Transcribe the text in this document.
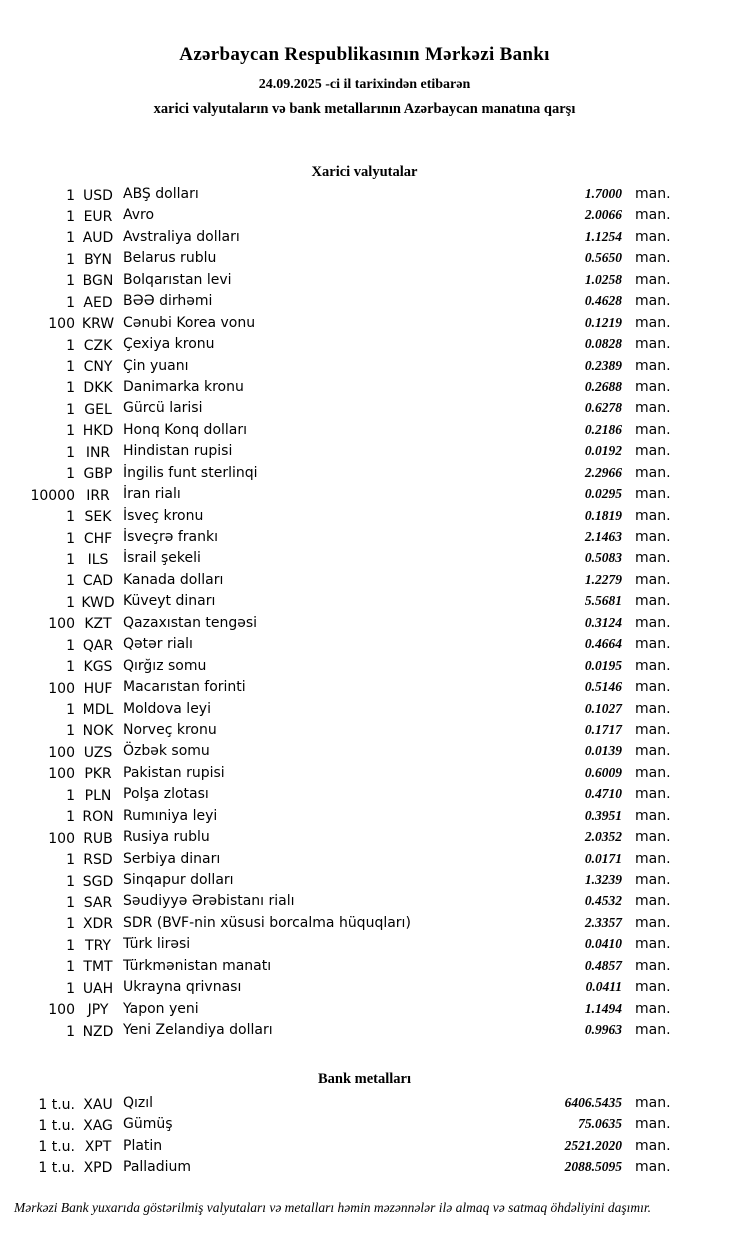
Azərbaycan Respublikasının Mərkəzi Bankı
24.09.2025 -ci il tarixindən etibarən
xarici valyutaların və bank metallarının Azərbaycan manatına qarşı
Xarici valyutalar
1 USD ABŞ dolları	1.7000 man.
1 EUR Avro	2.0066 man.
1 AUD Avstraliya dolları	1.1254 man.
1 BYN Belarus rublu	0.5650 man.
1 BGN Bolqarıstan levi	1.0258 man.
1 AED BƏƏ dirhəmi	0.4628 man.
100 KRW Cənubi Korea vonu	0.1219 man.
1 CZK Çexiya kronu	0.0828 man.
1 CNY Çin yuanı	0.2389 man.
1 DKK Danimarka kronu	0.2688 man.
1 GEL Gürcü larisi	0.6278 man.
1 HKD Honq Konq dolları	0.2186 man.
1 INR Hindistan rupisi	0.0192 man.
1 GBP İngilis funt sterlinqi	2.2966 man.
10000 IRR İran rialı	0.0295 man.
1 SEK İsveç kronu	0.1819 man.
1 CHF İsveçrə frankı	2.1463 man.
1 ILS	İsrail şekeli	0.5083 man.
1 CAD Kanada dolları	1.2279 man.
1 KWD Küveyt dinarı	5.5681 man.
100 KZT Qazaxıstan tengəsi	0.3124 man.
1 QAR Qətər rialı	0.4664 man.
1 KGS Qırğız somu	0.0195 man.
100 HUF Macarıstan forinti	0.5146 man.
1 MDL Moldova leyi	0.1027 man.
1 NOK Norveç kronu	0.1717 man.
100 UZS Özbək somu	0.0139 man.
100 PKR Pakistan rupisi	0.6009 man.
1 PLN Polşa zlotası	0.4710 man.
1 RON Rumıniya leyi	0.3951 man.
100 RUB Rusiya rublu	2.0352 man.
1 RSD Serbiya dinarı	0.0171 man.
1 SGD Sinqapur dolları	1.3239 man.
1 SAR Səudiyyə Ərəbistanı rialı	0.4532 man.
1 XDR SDR (BVF-nin xüsusi borcalma hüquqları)	2.3357 man.
1 TRY Türk lirəsi	0.0410 man.
1 TMT Türkmənistan manatı	0.4857 man.
1 UAH Ukrayna qrivnası	0.0411 man.
100 JPY	Yapon yeni	1.1494 man.
1 NZD Yeni Zelandiya dolları	0.9963 man.
Bank metalları
1 t.u. XAU Qızıl	6406.5435 man.
1 t.u. XAG Gümüş	75.0635 man.
1 t.u. XPT Platin	2521.2020 man.
1 t.u. XPD Palladium	2088.5095 man.
Mərkəzi Bank yuxarıda göstərilmiş valyutaları və metalları həmin məzənnələr ilə almaq və satmaq öhdəliyini daşımır.
